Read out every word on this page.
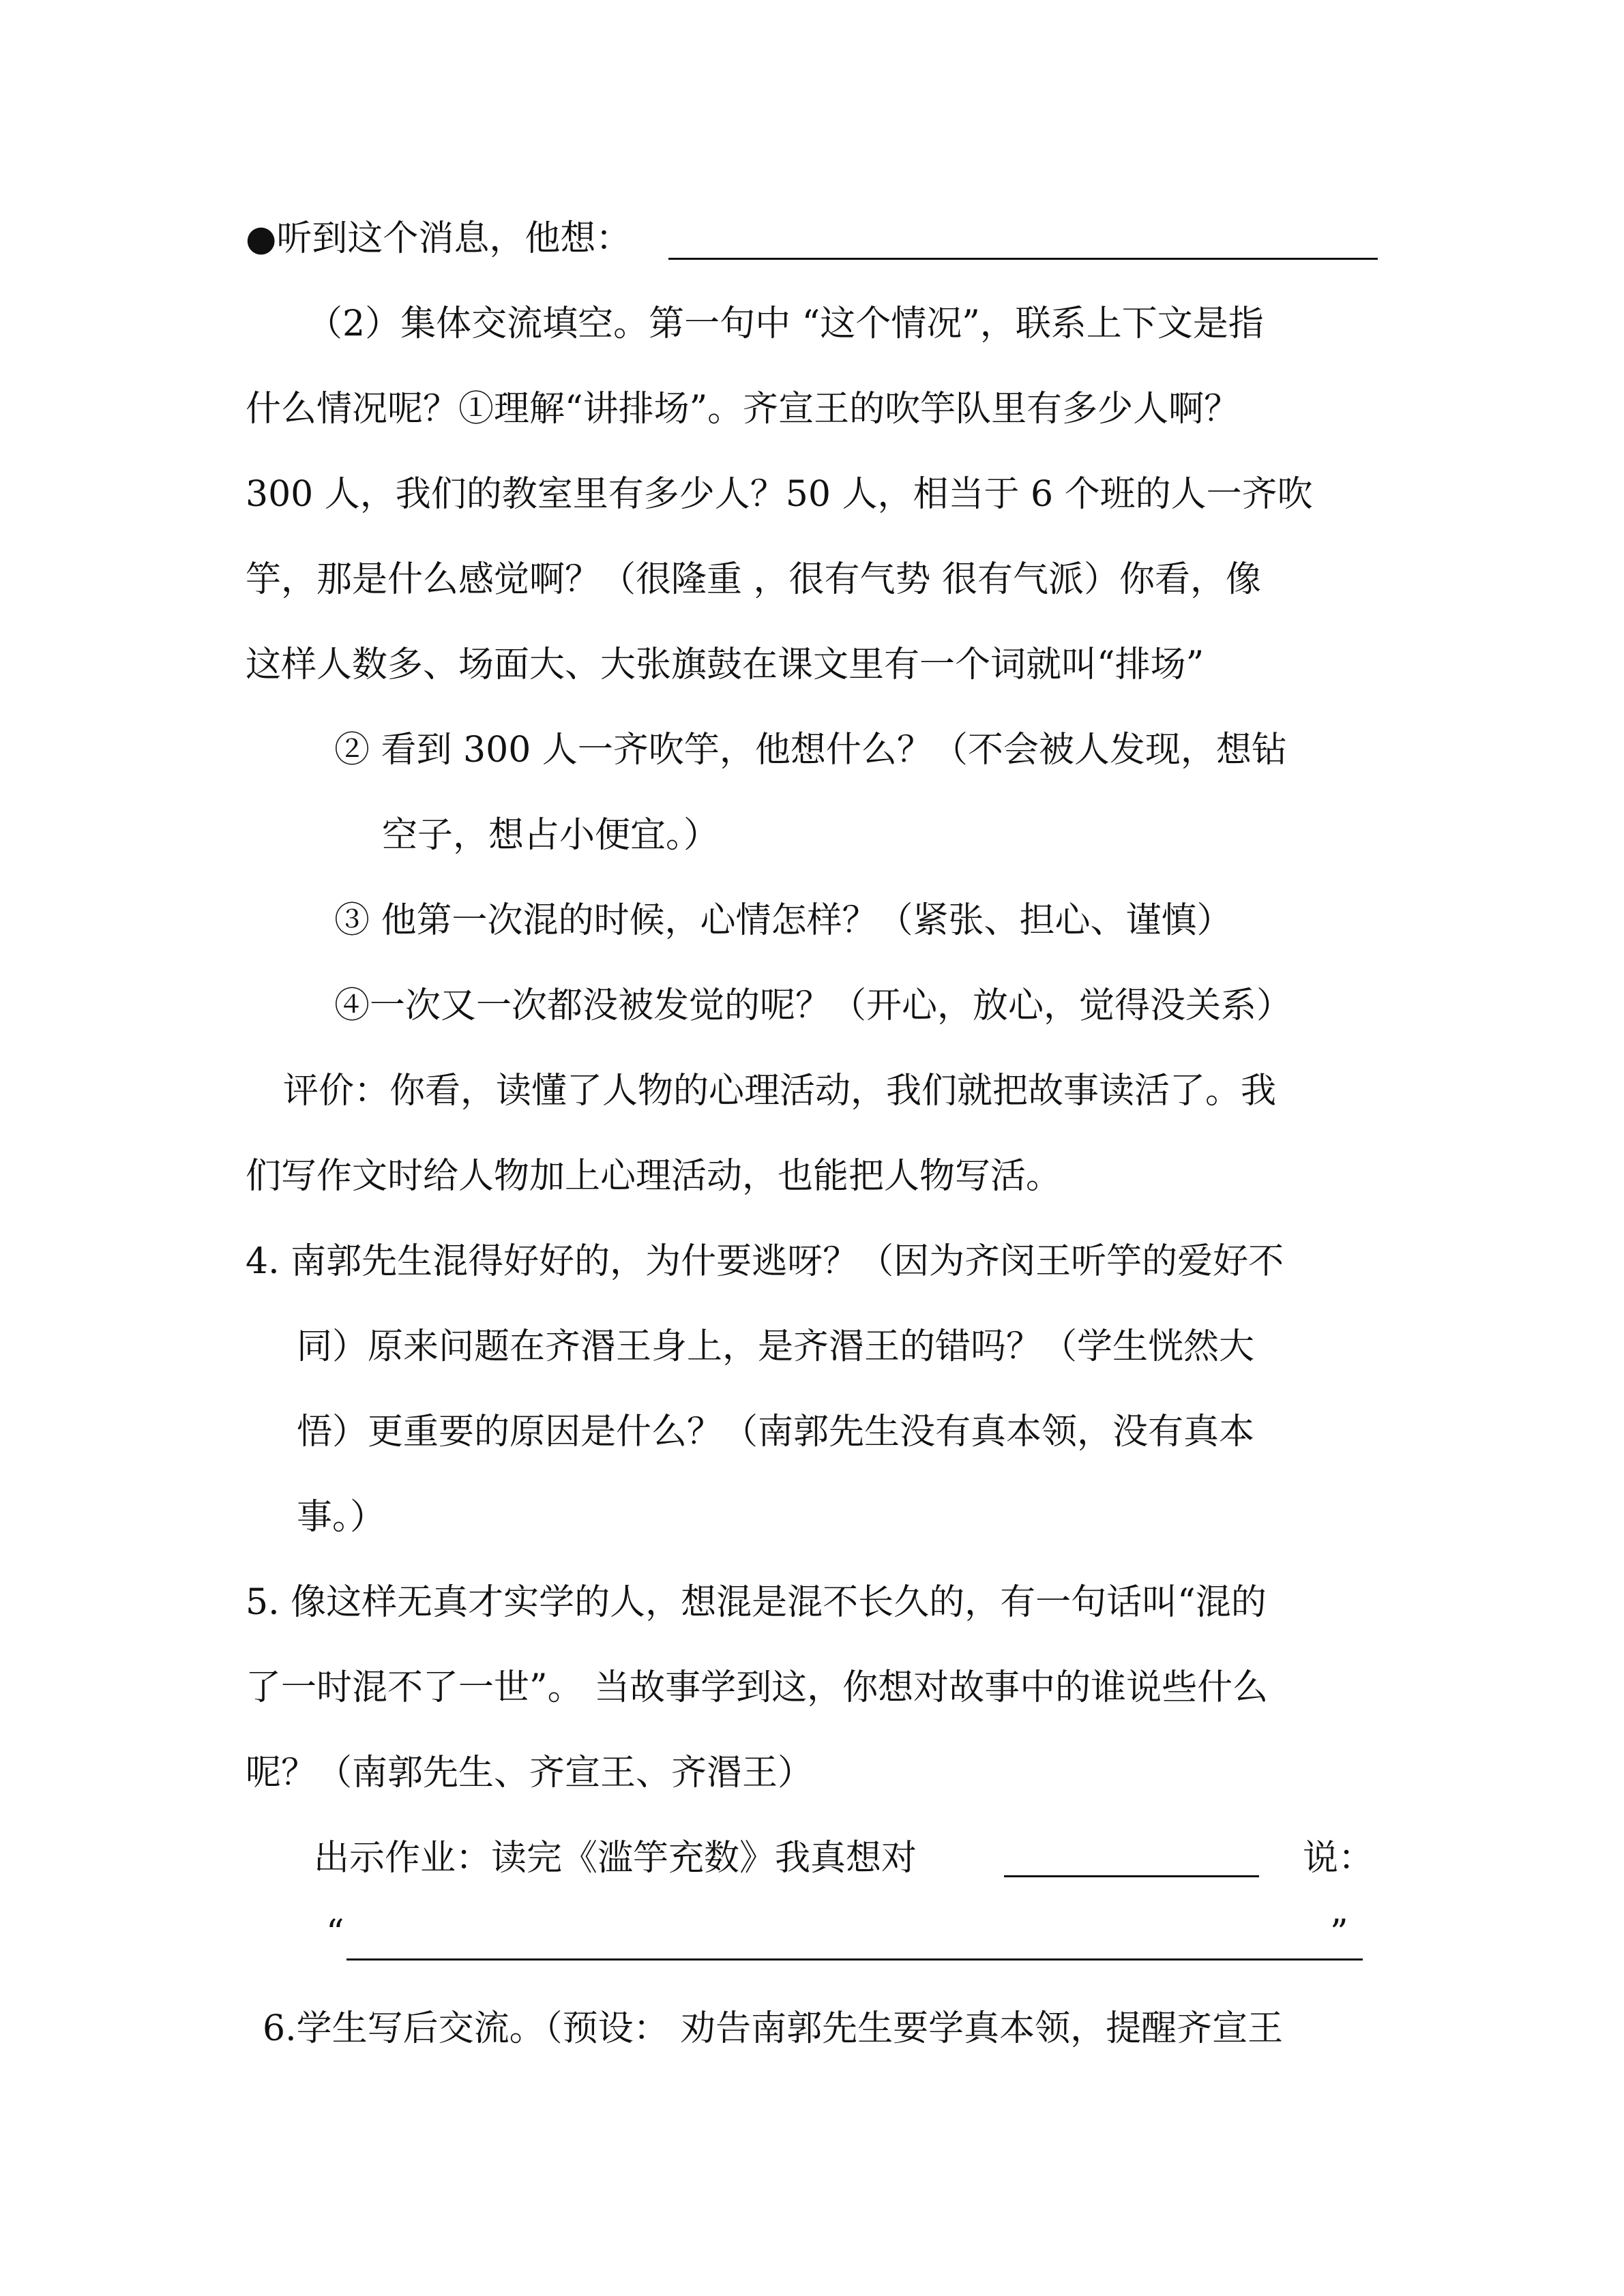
●听到这个消息，他想：
（2）集体交流填空。第一句中 “这个情况”，联系上下文是指
什么情况呢？①理解“讲排场”。齐宣王的吹竽队里有多少人啊？
300 人，我们的教室里有多少人？50 人，相当于 6 个班的人一齐吹
竽，那是什么感觉啊？（很隆重 ，很有气势 很有气派）你看，像
这样人数多、场面大、大张旗鼓在课文里有一个词就叫“排场”
② 看到 300 人一齐吹竽，他想什么？（不会被人发现，想钻
空子，想占小便宜。）
③ 他第一次混的时候，心情怎样？（紧张、担心、谨慎）
④一次又一次都没被发觉的呢？（开心，放心，觉得没关系）
评价：你看，读懂了人物的心理活动，我们就把故事读活了。我
们写作文时给人物加上心理活动，也能把人物写活。
4. 南郭先生混得好好的，为什要逃呀？（因为齐闵王听竽的爱好不
同）原来问题在齐湣王身上，是齐湣王的错吗？（学生恍然大
悟）更重要的原因是什么？（南郭先生没有真本领，没有真本
事。）
5. 像这样无真才实学的人，想混是混不长久的，有一句话叫“混的
了一时混不了一世”。 当故事学到这，你想对故事中的谁说些什么
呢？（南郭先生、齐宣王、齐湣王）
出示作业：读完《滥竽充数》我真想对	说：
“	”
6.学生写后交流。（预设： 劝告南郭先生要学真本领，提醒齐宣王
